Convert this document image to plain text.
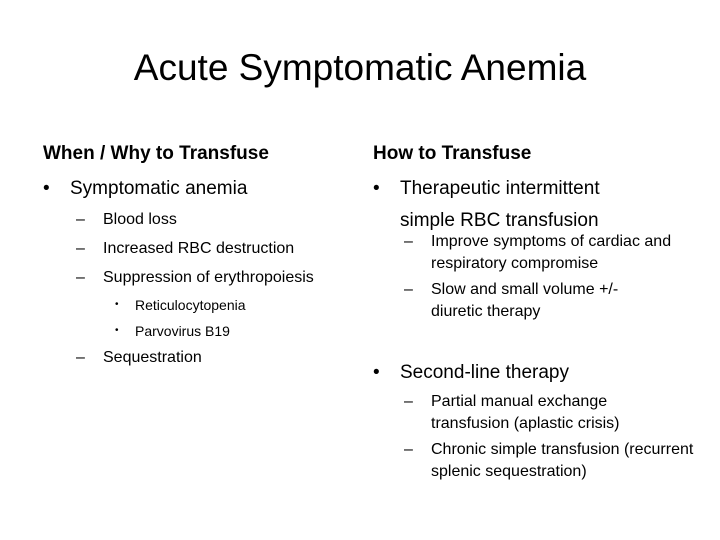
Acute Symptomatic Anemia
When / Why to Transfuse
• Symptomatic anemia
– Blood loss
– Increased RBC destruction
– Suppression of erythropoiesis
• Reticulocytopenia
• Parvovirus B19
– Sequestration
How to Transfuse
• Therapeutic intermittent simple RBC transfusion
– Improve symptoms of cardiac and respiratory compromise
– Slow and small volume +/- diuretic therapy
• Second-line therapy
– Partial manual exchange transfusion (aplastic crisis)
– Chronic simple transfusion (recurrent splenic sequestration)
